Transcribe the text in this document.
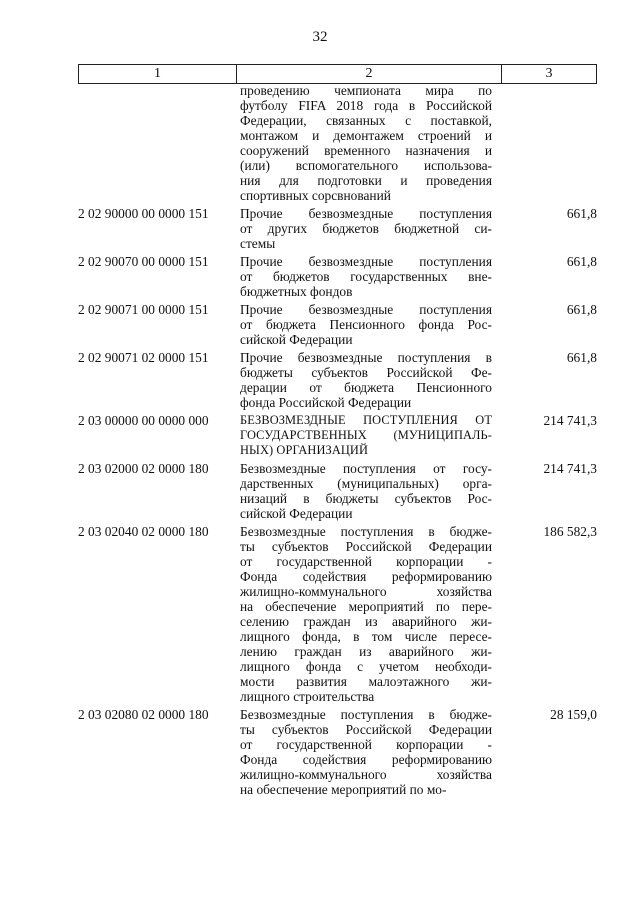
32
1	2	3
проведению чемпионата мира по
футболу FIFA 2018 года в Российской
Федерации, связанных с поставкой,
монтажом и демонтажем строений и
сооружений временного назначения и
(или) вспомогательного использова-
ния для подготовки и проведения
спортивных сорсвнований
2 02 90000 00 0000 151	Прочие безвозмездные поступления
от других бюджетов бюджетной си-
стемы
661,8
2 02 90070 00 0000 151	Прочие безвозмездные поступления
от бюджетов государственных вне-
бюджетных фондов
661,8
2 02 90071 00 0000 151	Прочие безвозмездные поступления
от бюджета Пенсионного фонда Рос-
сийской Федерации
661,8
2 02 90071 02 0000 151	Прочие безвозмездные поступления в
бюджеты субъектов Российской Фе-
дерации от бюджета Пенсионного
фонда Российской Федерации
661,8
2 03 00000 00 0000 000	БЕЗВОЗМЕЗДНЫЕ ПОСТУПЛЕНИЯ ОТ
ГОСУДАРСТВЕННЫХ (МУНИЦИПАЛЬ-
НЫХ) ОРГАНИЗАЦИЙ
214 741,3
2 03 02000 02 0000 180	Безвозмездные поступления от госу-
дарственных (муниципальных) орга-
низаций в бюджеты субъектов Рос-
сийской Федерации
214 741,3
2 03 02040 02 0000 180	Безвозмездные поступления в бюдже-
ты субъектов Российской Федерации
от государственной корпорации -
Фонда содействия реформированию
жилищно-коммунального хозяйства
на обеспечение мероприятий по пере-
селению граждан из аварийного жи-
лищного фонда, в том числе пересе-
лению граждан из аварийного жи-
лищного фонда с учетом необходи-
мости развития малоэтажного жи-
лищного строительства
186 582,3
2 03 02080 02 0000 180	Безвозмездные поступления в бюдже-
ты субъектов Российской Федерации
от государственной корпорации -
Фонда содействия реформированию
жилищно-коммунального хозяйства
на обеспечение мероприятий по мо-
28 159,0
